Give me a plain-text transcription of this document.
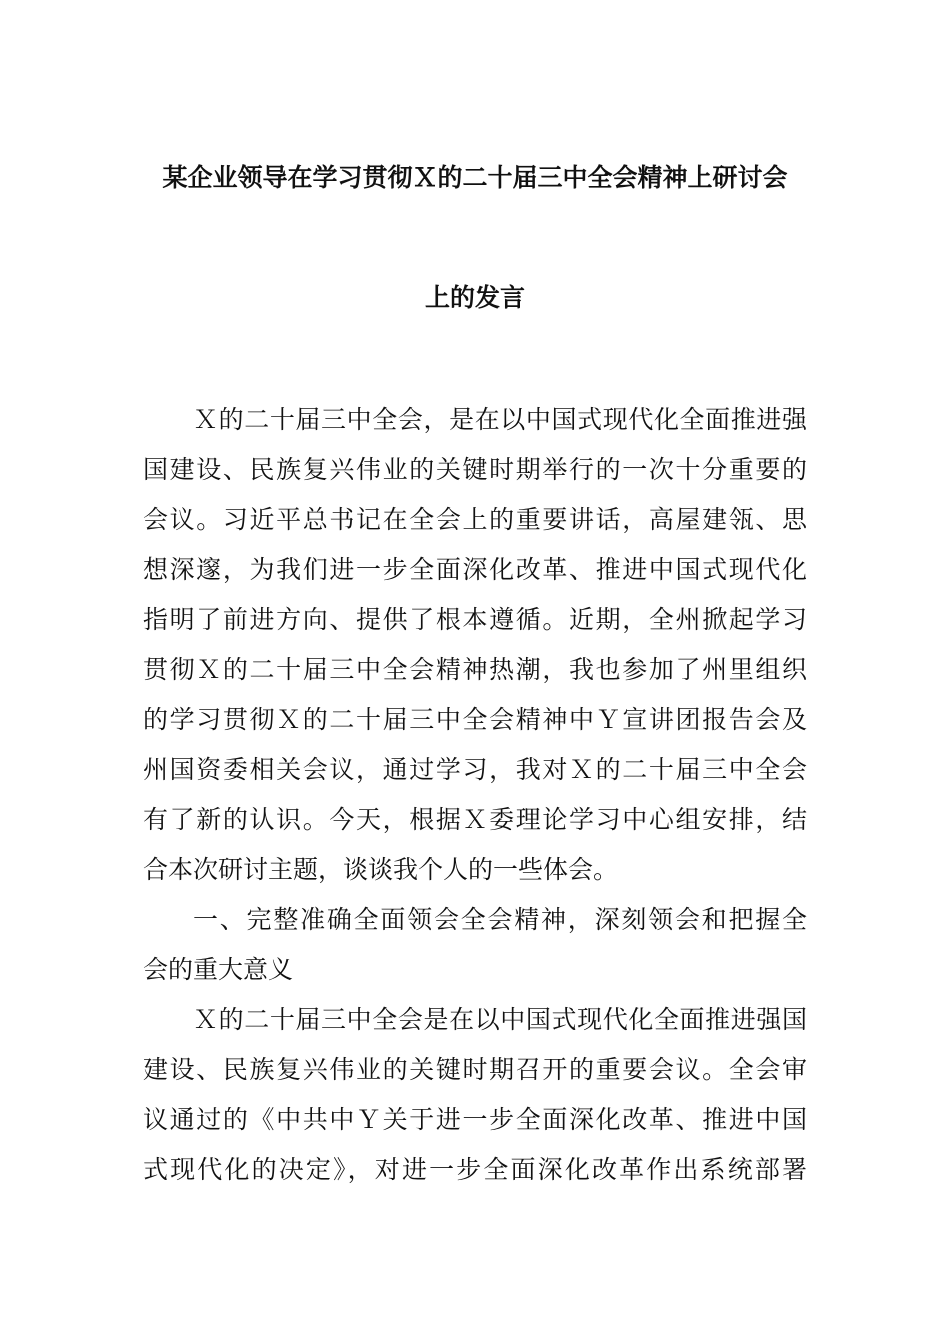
某企业领导在学习贯彻Ｘ的二十届三中全会精神上研讨会
上的发言
Ｘ的二十届三中全会，是在以中国式现代化全面推进强
国建设、民族复兴伟业的关键时期举行的一次十分重要的
会议。习近平总书记在全会上的重要讲话，高屋建瓴、思
想深邃，为我们进一步全面深化改革、推进中国式现代化
指明了前进方向、提供了根本遵循。近期，全州掀起学习
贯彻Ｘ的二十届三中全会精神热潮，我也参加了州里组织
的学习贯彻Ｘ的二十届三中全会精神中Ｙ宣讲团报告会及
州国资委相关会议，通过学习，我对Ｘ的二十届三中全会
有了新的认识。今天，根据Ｘ委理论学习中心组安排，结
合本次研讨主题，谈谈我个人的一些体会。
一、完整准确全面领会全会精神，深刻领会和把握全
会的重大意义
Ｘ的二十届三中全会是在以中国式现代化全面推进强国
建设、民族复兴伟业的关键时期召开的重要会议。全会审
议通过的《中共中Ｙ关于进一步全面深化改革、推进中国
式现代化的决定》，对进一步全面深化改革作出系统部署
